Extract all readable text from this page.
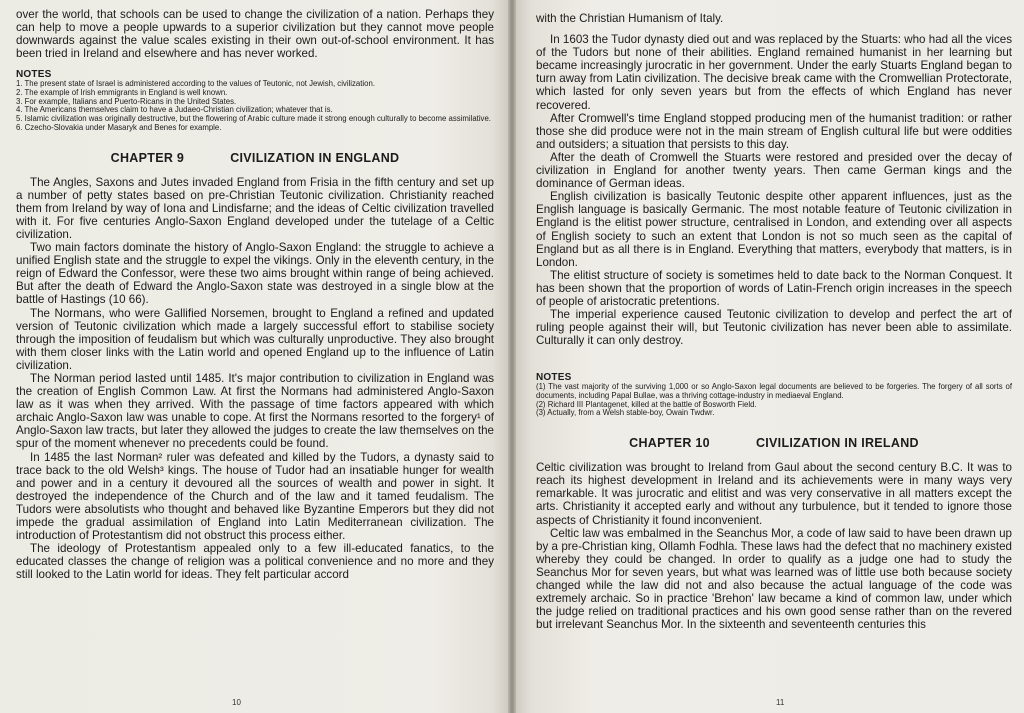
over the world, that schools can be used to change the civilization of a nation. Perhaps they can help to move a people upwards to a superior civilization but they cannot move people downwards against the value scales existing in their own out-of-school environment. It has been tried in Ireland and elsewhere and has never worked.

NOTES

1. The present state of Israel is administered according to the values of Teutonic, not Jewish, civilization.

2. The example of Irish emmigrants in England is well known.

3. For example, Italians and Puerto-Ricans in the United States.

4. The Americans themselves claim to have a Judaeo-Christian civilization; whatever that is.

5. Islamic civilization was originally destructive, but the flowering of Arabic culture made it strong enough culturally to become assimilative.

6. Czecho-Slovakia under Masaryk and Benes for example.

CHAPTER 9	CIVILIZATION IN ENGLAND

The Angles, Saxons and Jutes invaded England from Frisia in the fifth century and set up a number of petty states based on pre-Christian Teutonic civilization. Christianity reached them from Ireland by way of Iona and Lindisfarne; and the ideas of Celtic civilization travelled with it. For five centuries Anglo-Saxon England developed under the tutelage of a Celtic civilization.

Two main factors dominate the history of Anglo-Saxon England: the struggle to achieve a unified English state and the struggle to expel the vikings. Only in the eleventh century, in the reign of Edward the Confessor, were these two aims brought within range of being achieved. But after the death of Edward the Anglo-Saxon state was destroyed in a single blow at the battle of Hastings (10 66).

The Normans, who were Gallified Norsemen, brought to England a refined and updated version of Teutonic civilization which made a largely successful effort to stabilise society through the imposition of feudalism but which was culturally unproductive. They also brought with them closer links with the Latin world and opened England up to the influence of Latin civilization.

The Norman period lasted until 1485. It's major contribution to civilization in England was the creation of English Common Law. At first the Normans had administered Anglo-Saxon law as it was when they arrived. With the passage of time factors appeared with which archaic Anglo-Saxon law was unable to cope. At first the Normans resorted to the forgery¹ of Anglo-Saxon law tracts, but later they allowed the judges to create the law themselves on the spur of the moment whenever no precedents could be found.

In 1485 the last Norman² ruler was defeated and killed by the Tudors, a dynasty said to trace back to the old Welsh³ kings. The house of Tudor had an insatiable hunger for wealth and power and in a century it devoured all the sources of wealth and power in sight. It destroyed the independence of the Church and of the law and it tamed feudalism. The Tudors were absolutists who thought and behaved like Byzantine Emperors but they did not impede the gradual assimilation of England into Latin Mediterranean civilization. The introduction of Protestantism did not obstruct this process either.

The ideology of Protestantism appealed only to a few ill-educated fanatics, to the educated classes the change of religion was a political convenience and no more and they still looked to the Latin world for ideas. They felt particular accord

10

with the Christian Humanism of Italy.

In 1603 the Tudor dynasty died out and was replaced by the Stuarts: who had all the vices of the Tudors but none of their abilities. England remained humanist in her learning but became increasingly jurocratic in her government. Under the early Stuarts England began to turn away from Latin civilization. The decisive break came with the Cromwellian Protectorate, which lasted for only seven years but from the effects of which England has never recovered.

After Cromwell's time England stopped producing men of the humanist tradition: or rather those she did produce were not in the main stream of English cultural life but were oddities and outsiders; a situation that persists to this day.

After the death of Cromwell the Stuarts were restored and presided over the decay of civilization in England for another twenty years. Then came German kings and the dominance of German ideas.

English civilization is basically Teutonic despite other apparent influences, just as the English language is basically Germanic. The most notable feature of Teutonic civilization in England is the elitist power structure, centralised in London, and extending over all aspects of English society to such an extent that London is not so much seen as the capital of England but as all there is in England. Everything that matters, everybody that matters, is in London.

The elitist structure of society is sometimes held to date back to the Norman Conquest. It has been shown that the proportion of words of Latin-French origin increases in the speech of people of aristocratic pretentions.

The imperial experience caused Teutonic civilization to develop and perfect the art of ruling people against their will, but Teutonic civilization has never been able to assimilate. Culturally it can only destroy.

NOTES

(1) The vast majority of the surviving 1,000 or so Anglo-Saxon legal documents are believed to be forgeries. The forgery of all sorts of documents, including Papal Bullae, was a thriving cottage-industry in mediaeval England.

(2) Richard III Plantagenet, killed at the battle of Bosworth Field.

(3) Actually, from a Welsh stable-boy, Owain Twdwr.

CHAPTER 10	CIVILIZATION IN IRELAND

Celtic civilization was brought to Ireland from Gaul about the second century B.C. It was to reach its highest development in Ireland and its achievements were in many ways very remarkable. It was jurocratic and elitist and was very conservative in all matters except the arts. Christianity it accepted early and without any turbulence, but it tended to ignore those aspects of Christianity it found inconvenient.

Celtic law was embalmed in the Seanchus Mor, a code of law said to have been drawn up by a pre-Christian king, Ollamh Fodhla. These laws had the defect that no machinery existed whereby they could be changed. In order to qualify as a judge one had to study the Seanchus Mor for seven years, but what was learned was of little use both because society changed while the law did not and also because the actual language of the code was extremely archaic. So in practice 'Brehon' law became a kind of common law, under which the judge relied on traditional practices and his own good sense rather than on the revered but irrelevant Seanchus Mor. In the sixteenth and seventeenth centuries this

11
